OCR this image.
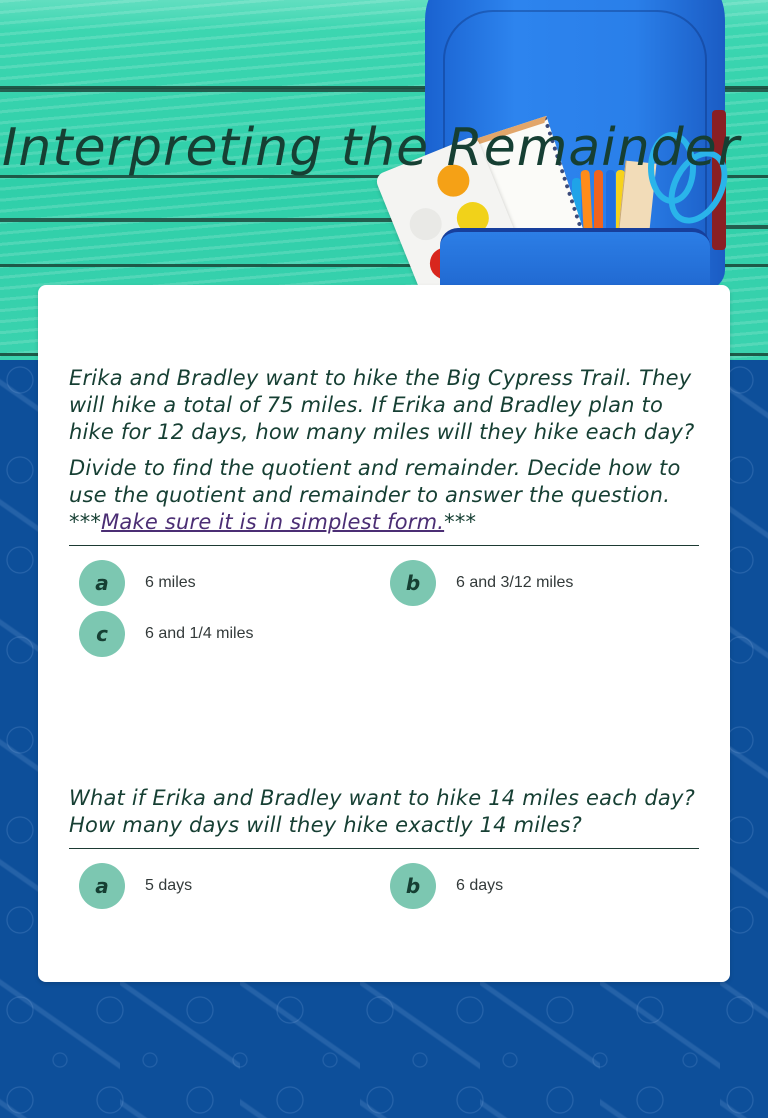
Interpreting the Remainder

Erika and Bradley want to hike the Big Cypress Trail. They will hike a total of 75 miles. If Erika and Bradley plan to hike for 12 days, how many miles will they hike each day?

Divide to find the quotient and remainder. Decide how to use the quotient and remainder to answer the question. ***Make sure it is in simplest form.***

a	6 miles	b	6 and 3/12 miles
c	6 and 1/4 miles

What if Erika and Bradley want to hike 14 miles each day? How many days will they hike exactly 14 miles?

a	5 days	b	6 days
